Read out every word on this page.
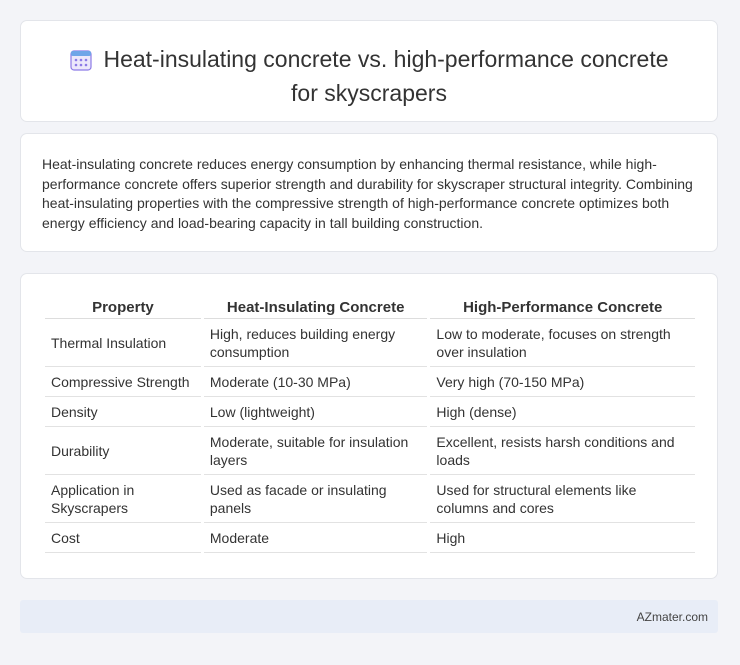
Heat-insulating concrete vs. high-performance concrete
for skyscrapers
Heat-insulating concrete reduces energy consumption by enhancing thermal resistance, while high-performance concrete offers superior strength and durability for skyscraper structural integrity. Combining heat-insulating properties with the compressive strength of high-performance concrete optimizes both energy efficiency and load-bearing capacity in tall building construction.
Property	Heat-Insulating Concrete	High-Performance Concrete
Thermal Insulation	High, reduces building energy consumption	Low to moderate, focuses on strength over insulation
Compressive Strength	Moderate (10-30 MPa)	Very high (70-150 MPa)
Density	Low (lightweight)	High (dense)
Durability	Moderate, suitable for insulation layers	Excellent, resists harsh conditions and loads
Application in Skyscrapers	Used as facade or insulating panels	Used for structural elements like columns and cores
Cost	Moderate	High
AZmater.com
